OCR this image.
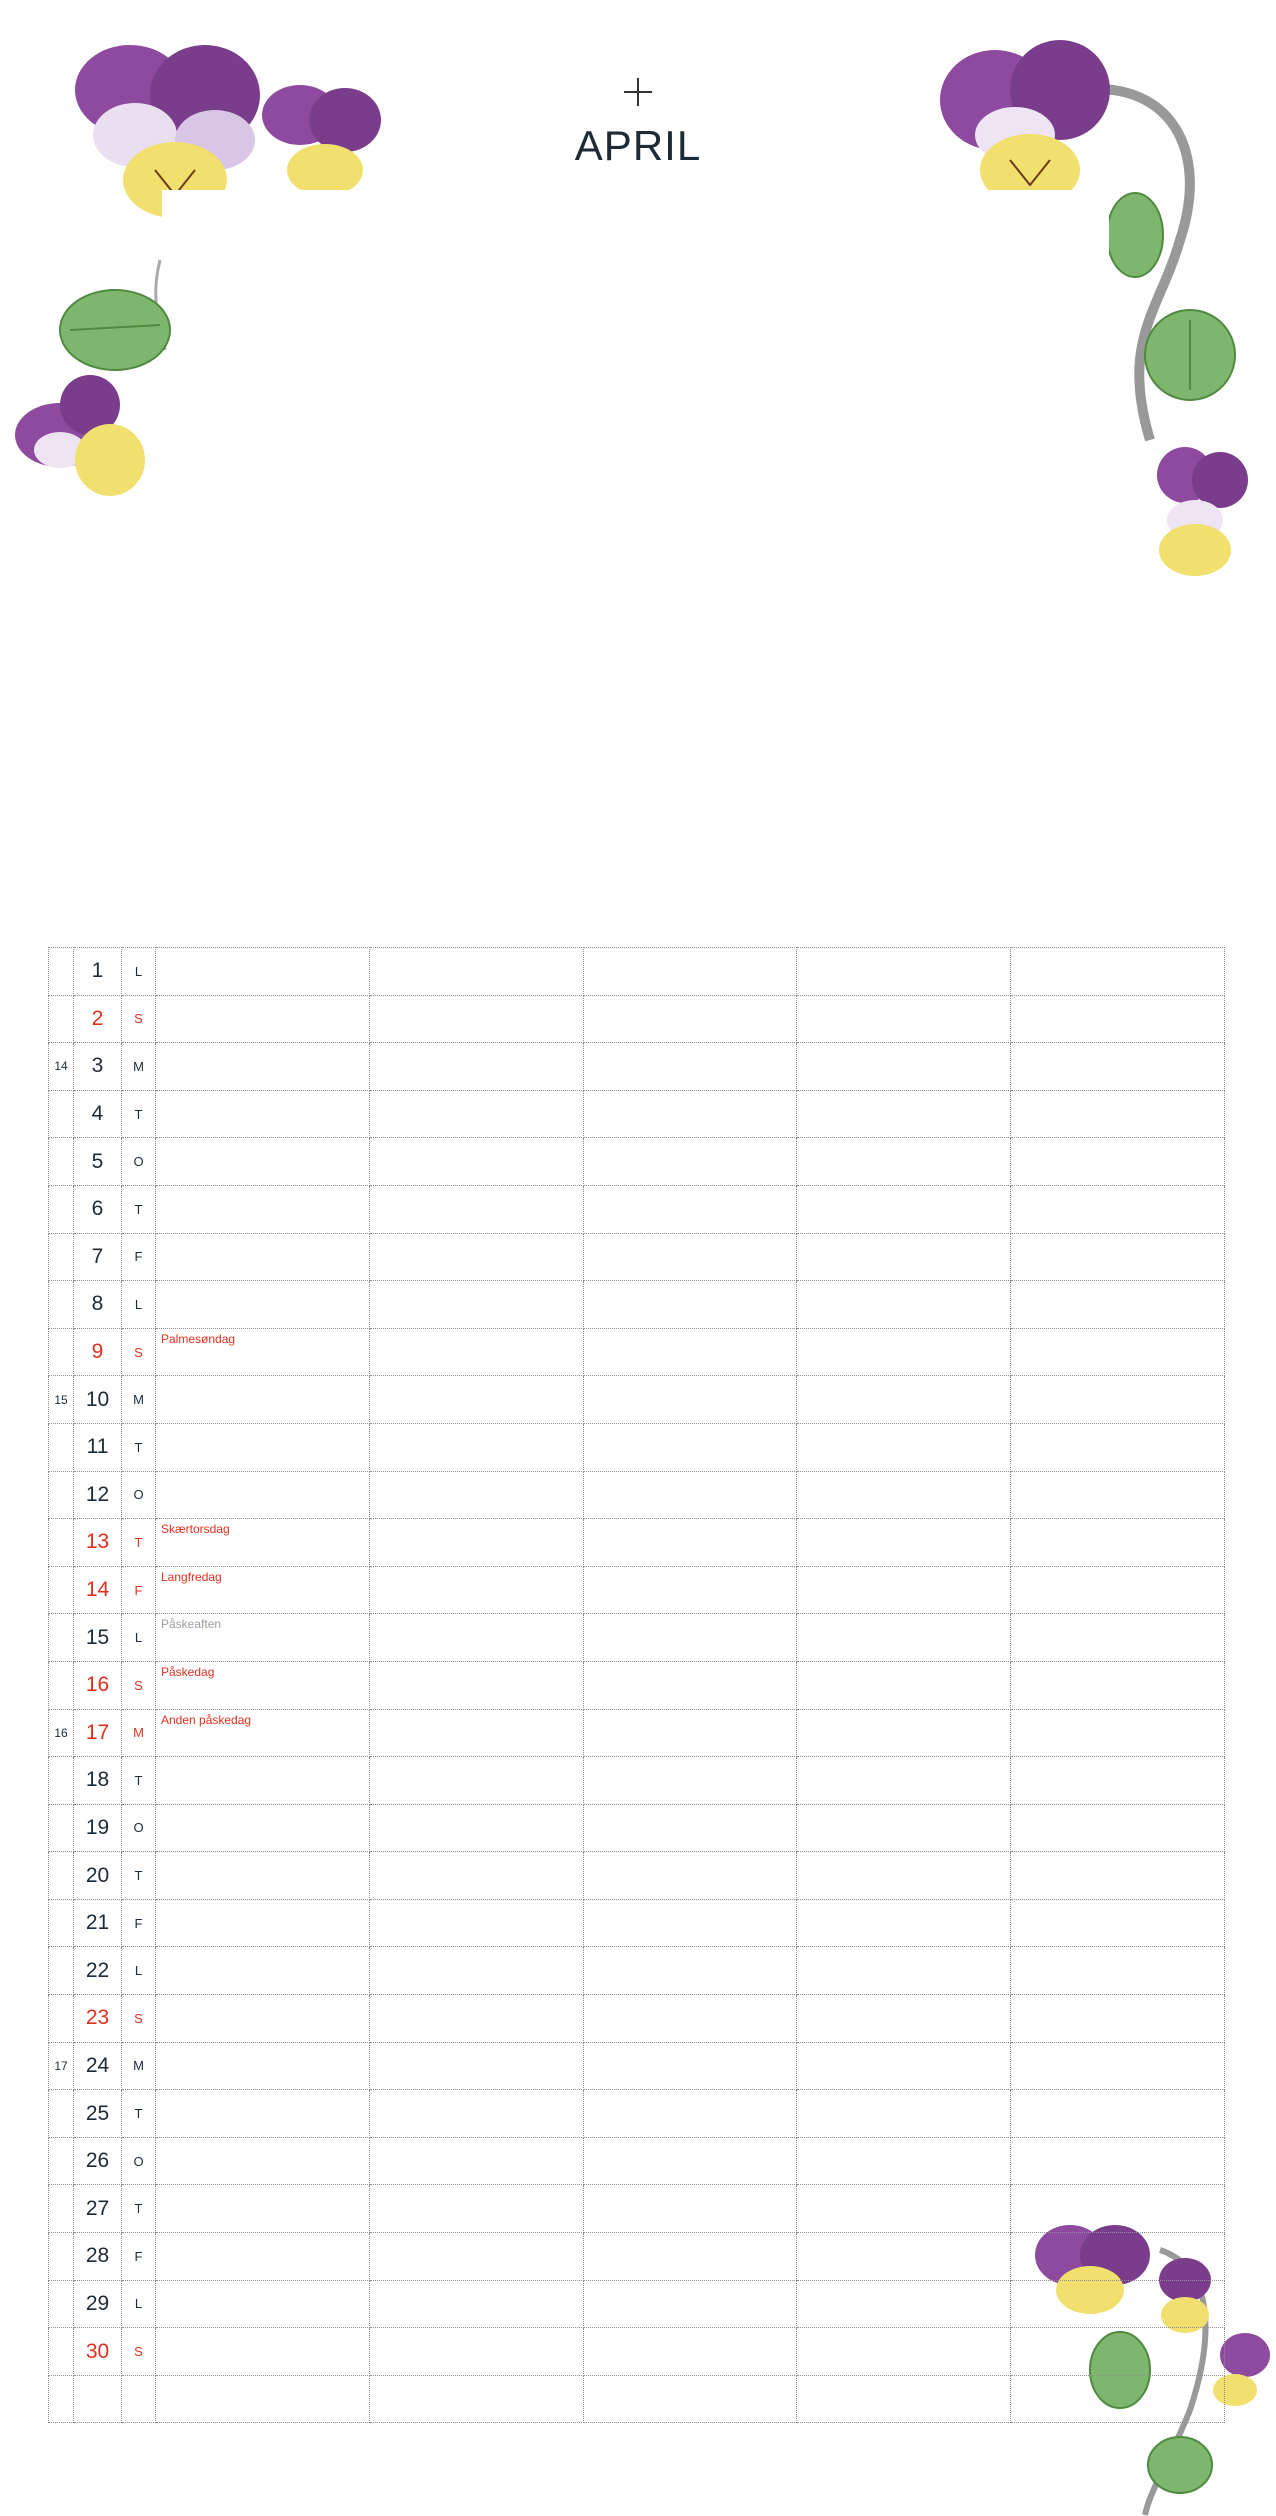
APRIL
	1	L					
	2	S					
14	3	M					
	4	T					
	5	O					
	6	T					
	7	F					
	8	L					
	9	S	Palmesøndag				

15	10	M					
	11	T					
	12	O					
	13	T	Skærtorsdag				

	14	F	Langfredag				

	15	L	Påskeaften				

	16	S	Påskedag				

16	17	M	Anden påskedag				

	18	T					
	19	O					
	20	T					
	21	F					
	22	L					
	23	S					
17	24	M					
	25	T					
	26	O					
	27	T					
	28	F					
	29	L					
	30	S					
